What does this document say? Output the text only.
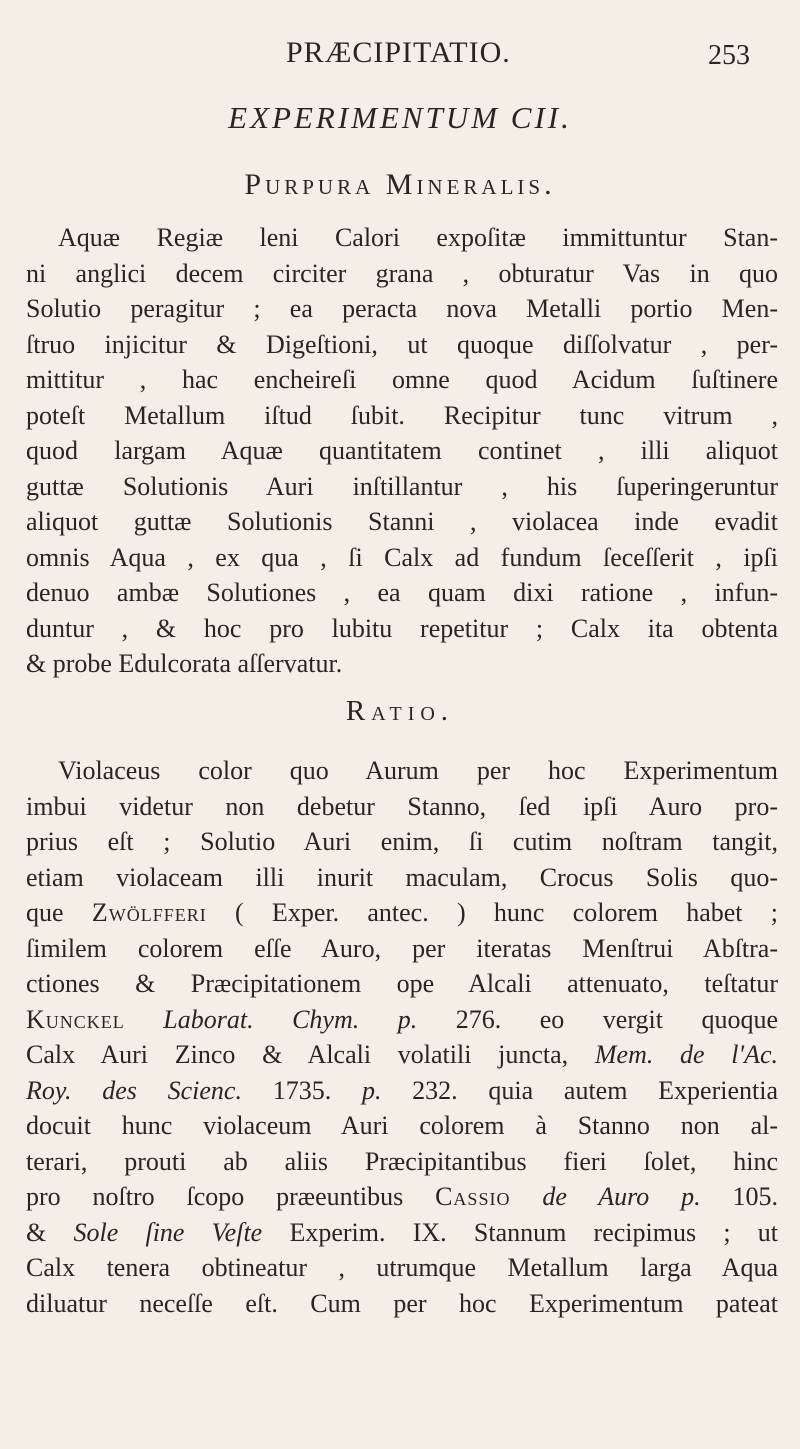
PRÆCIPITATIO.	253
EXPERIMENTUM CII.
Purpura Mineralis.
Aquæ Regiæ leni Calori expoſitæ immittuntur Stan-
ni anglici decem circiter grana , obturatur Vas in quo
Solutio peragitur ; ea peracta nova Metalli portio Men-
ſtruo injicitur & Digeſtioni, ut quoque diſſolvatur , per-
mittitur , hac encheireſi omne quod Acidum ſuſtinere
poteſt Metallum iſtud ſubit. Recipitur tunc vitrum ,
quod largam Aquæ quantitatem continet , illi aliquot
guttæ Solutionis Auri inſtillantur , his ſuperingeruntur
aliquot guttæ Solutionis Stanni , violacea inde evadit
omnis Aqua , ex qua , ſi Calx ad fundum ſeceſſerit , ipſi
denuo ambæ Solutiones , ea quam dixi ratione , infun-
duntur , & hoc pro lubitu repetitur ; Calx ita obtenta
& probe Edulcorata aſſervatur.
Ratio.
Violaceus color quo Aurum per hoc Experimentum
imbui videtur non debetur Stanno, ſed ipſi Auro pro-
prius eſt ; Solutio Auri enim, ſi cutim noſtram tangit,
etiam violaceam illi inurit maculam, Crocus Solis quo-
que Zwölfferi ( Exper. antec. ) hunc colorem habet ;
ſimilem colorem eſſe Auro, per iteratas Menſtrui Abſtra-
ctiones & Præcipitationem ope Alcali attenuato, teſtatur
Kunckel Laborat. Chym. p. 276. eo vergit quoque
Calx Auri Zinco & Alcali volatili juncta, Mem. de l'Ac.
Roy. des Scienc. 1735. p. 232. quia autem Experientia
docuit hunc violaceum Auri colorem à Stanno non al-
terari, prouti ab aliis Præcipitantibus fieri ſolet, hinc
pro noſtro ſcopo præeuntibus Cassio de Auro p. 105.
& Sole ſine Veſte Experim. IX. Stannum recipimus ; ut
Calx tenera obtineatur , utrumque Metallum larga Aqua
diluatur neceſſe eſt. Cum per hoc Experimentum pateat
